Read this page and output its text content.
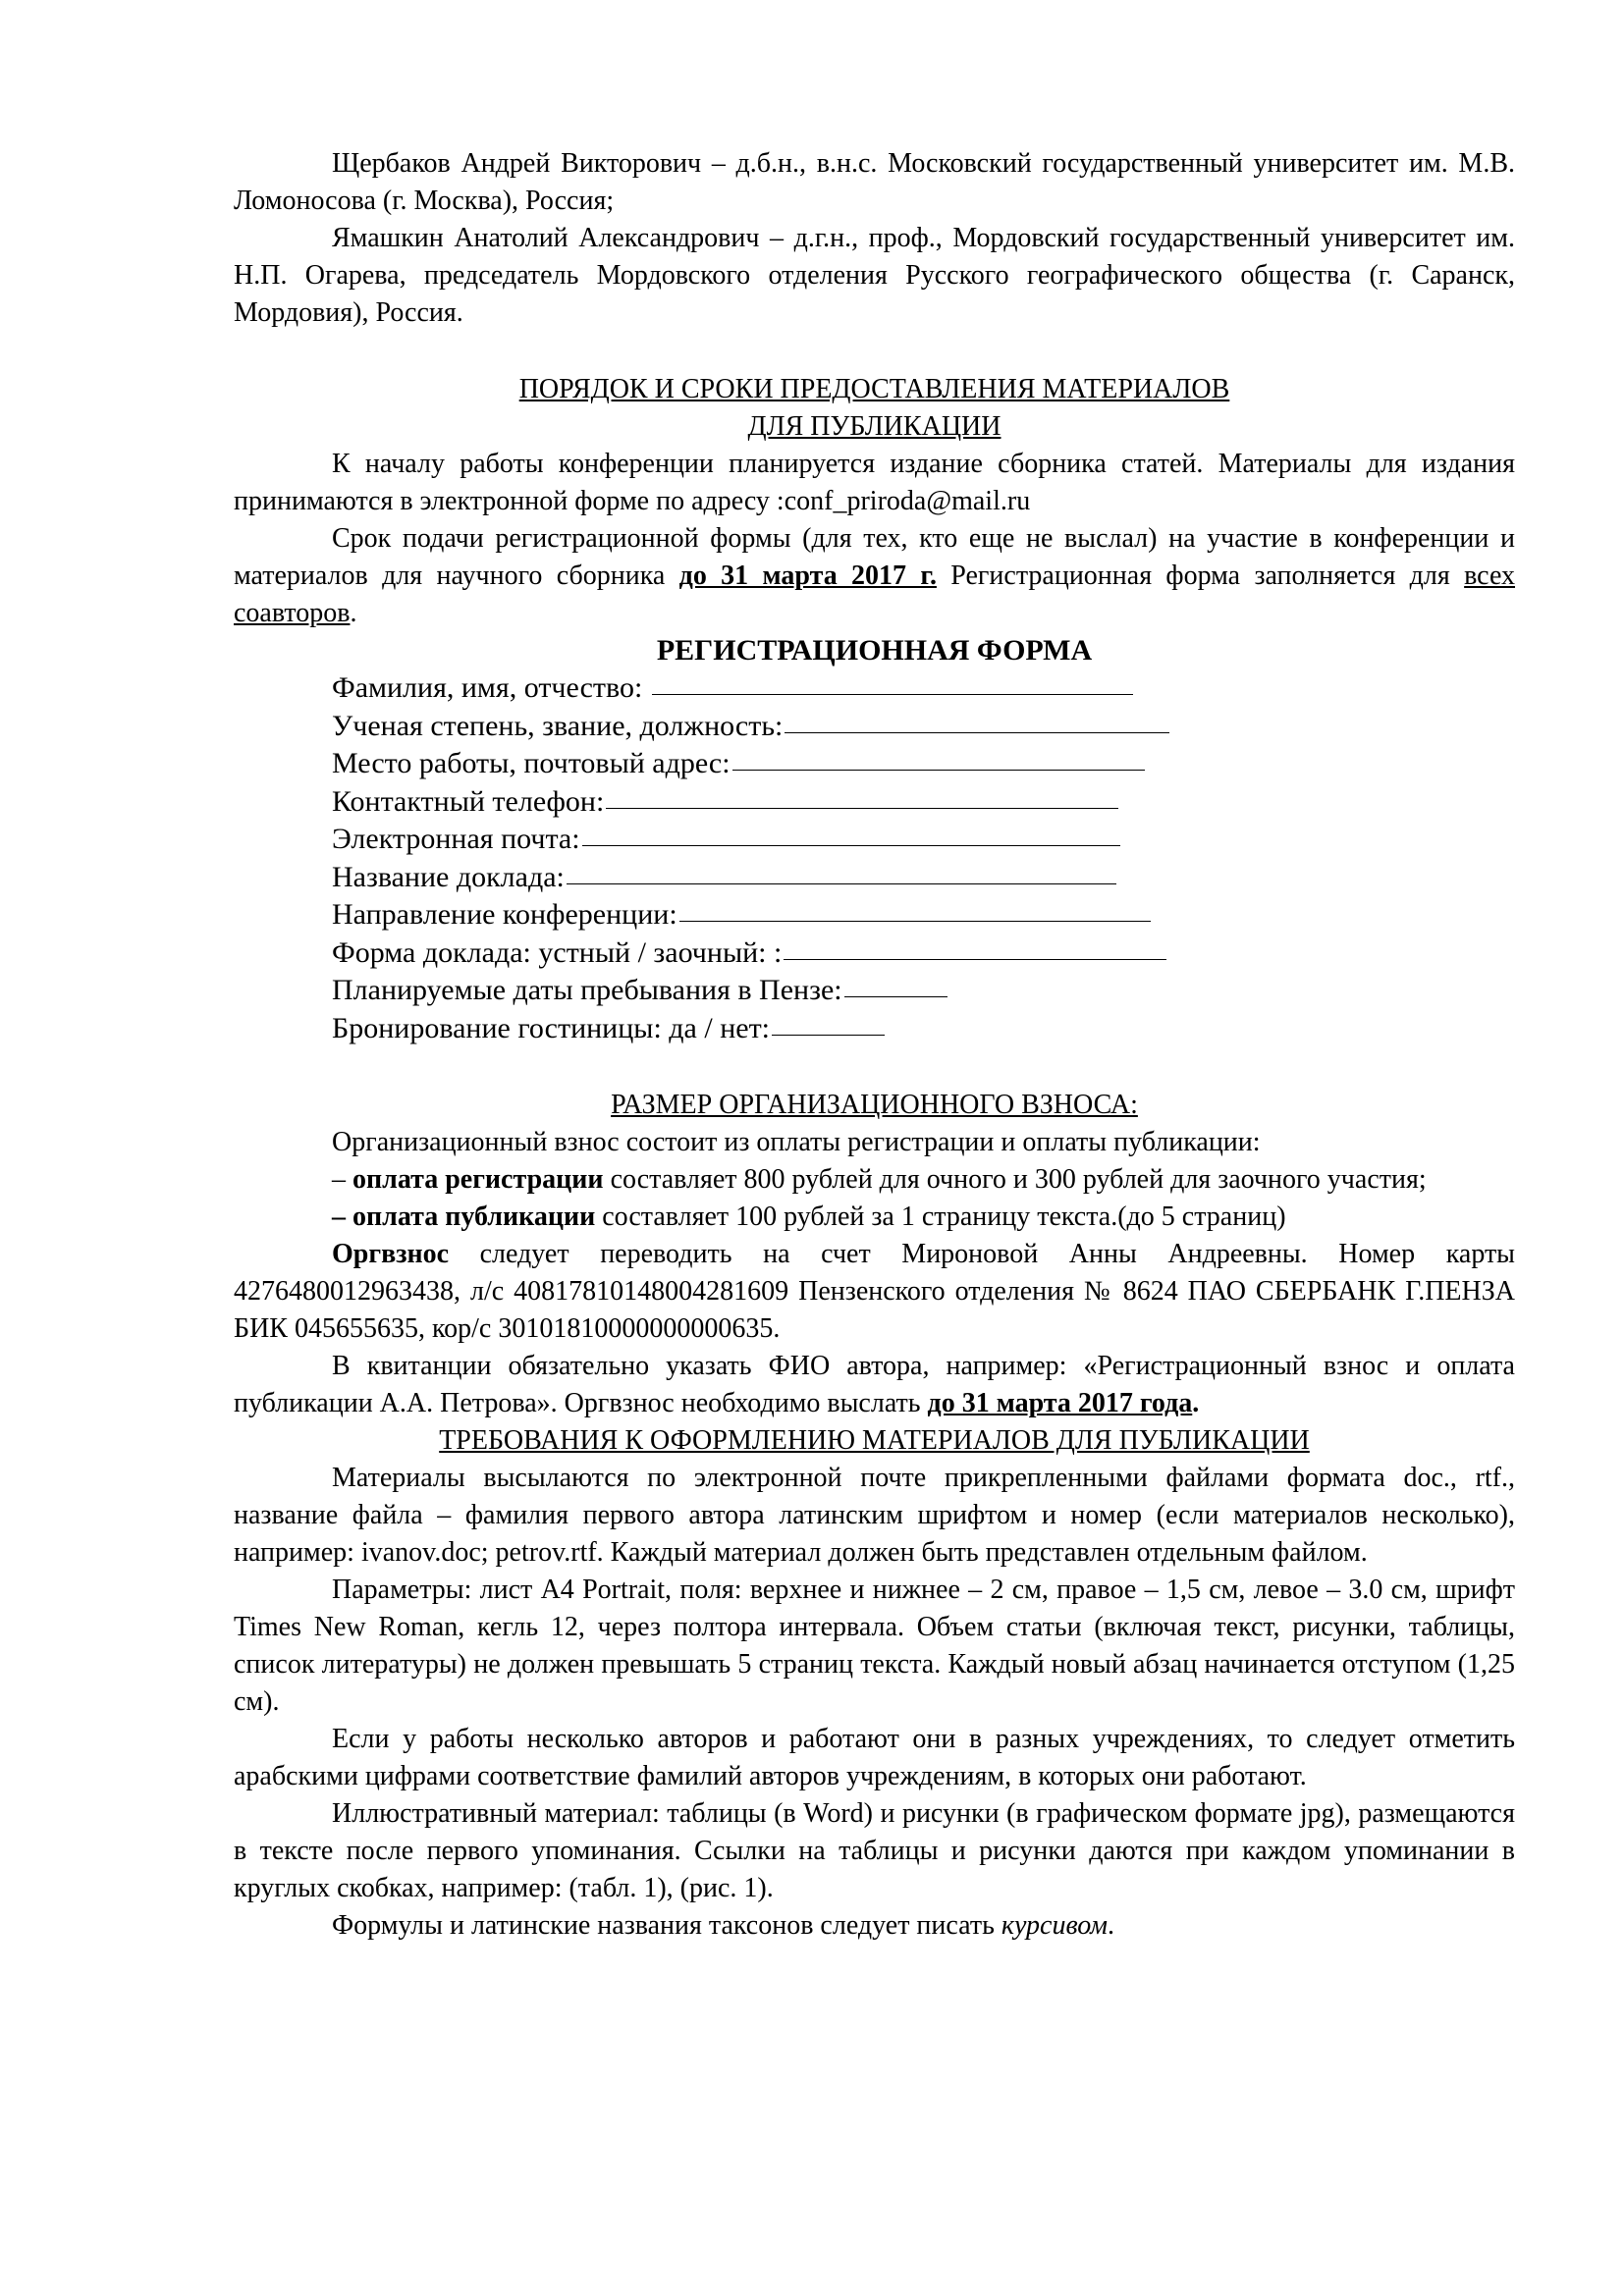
Щербаков Андрей Викторович – д.б.н., в.н.с. Московский государственный университет им. М.В. Ломоносова (г. Москва), Россия;

Ямашкин Анатолий Александрович – д.г.н., проф., Мордовский государственный университет им. Н.П. Огарева, председатель Мордовского отделения Русского географического общества (г. Саранск, Мордовия), Россия.

ПОРЯДОК И СРОКИ ПРЕДОСТАВЛЕНИЯ МАТЕРИАЛОВ

ДЛЯ ПУБЛИКАЦИИ

К началу работы конференции планируется издание сборника статей. Материалы для издания принимаются в электронной форме по адресу :conf_priroda@mail.ru

Срок подачи регистрационной формы (для тех, кто еще не выслал) на участие в конференции и материалов для научного сборника до 31 марта 2017 г. Регистрационная форма заполняется для всех соавторов.

РЕГИСТРАЦИОННАЯ ФОРМА
Фамилия, имя, отчество:
Ученая степень, звание, должность:
Место работы, почтовый адрес:
Контактный телефон:
Электронная почта:
Название доклада:
Направление конференции:
Форма доклада: устный / заочный: :
Планируемые даты пребывания в Пензе:
Бронирование гостиницы: да / нет:

РАЗМЕР ОРГАНИЗАЦИОННОГО ВЗНОСА:

Организационный взнос состоит из оплаты регистрации и оплаты публикации:

– оплата регистрации составляет 800 рублей для очного и 300 рублей для заочного участия;

– оплата публикации составляет 100 рублей за 1 страницу текста.(до 5 страниц)

Оргвзнос следует переводить на счет Мироновой Анны Андреевны. Номер карты 4276480012963438, л/с 40817810148004281609 Пензенского отделения № 8624 ПАО СБЕРБАНК Г.ПЕНЗА БИК 045655635, кор/с 30101810000000000635.

В квитанции обязательно указать ФИО автора, например: «Регистрационный взнос и оплата публикации А.А. Петрова». Оргвзнос необходимо выслать до 31 марта 2017 года.

ТРЕБОВАНИЯ К ОФОРМЛЕНИЮ МАТЕРИАЛОВ ДЛЯ ПУБЛИКАЦИИ

Материалы высылаются по электронной почте прикрепленными файлами формата doc., rtf., название файла – фамилия первого автора латинским шрифтом и номер (если материалов несколько), например: ivanov.doc; petrov.rtf. Каждый материал должен быть представлен отдельным файлом.

Параметры: лист А4 Portrait, поля: верхнее и нижнее – 2 см, правое – 1,5 см, левое – 3.0 см, шрифт Times New Roman, кегль 12, через полтора интервала. Объем статьи (включая текст, рисунки, таблицы, список литературы) не должен превышать 5 страниц текста. Каждый новый абзац начинается отступом (1,25 см).

Если у работы несколько авторов и работают они в разных учреждениях, то следует отметить арабскими цифрами соответствие фамилий авторов учреждениям, в которых они работают.

Иллюстративный материал: таблицы (в Word) и рисунки (в графическом формате jpg), размещаются в тексте после первого упоминания. Ссылки на таблицы и рисунки даются при каждом упоминании в круглых скобках, например: (табл. 1), (рис. 1).

Формулы и латинские названия таксонов следует писать курсивом.
